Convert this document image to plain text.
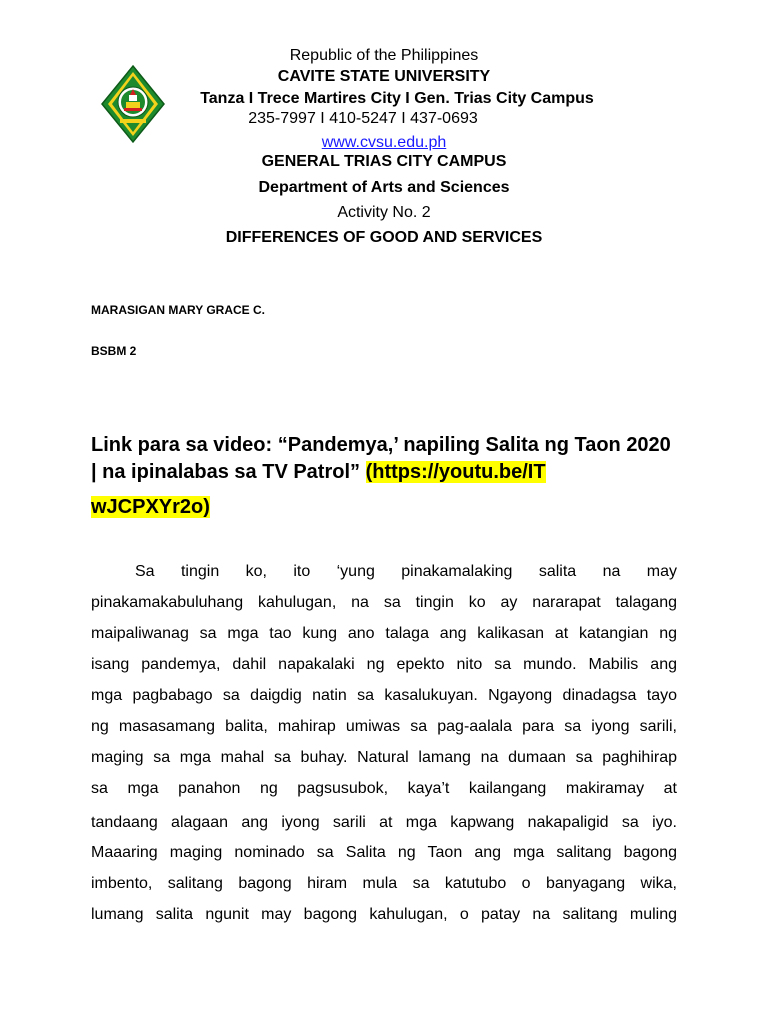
Republic of the Philippines
CAVITE STATE UNIVERSITY
Tanza I Trece Martires City I Gen. Trias City Campus
235-7997 I 410-5247 I 437-0693
www.cvsu.edu.ph
GENERAL TRIAS CITY CAMPUS
Department of Arts and Sciences
Activity No. 2
DIFFERENCES OF GOOD AND SERVICES
MARASIGAN MARY GRACE C.
BSBM 2
Link para sa video: “Pandemya,’ napiling Salita ng Taon 2020
| na ipinalabas sa TV Patrol” (https://youtu.be/IT
wJCPXYr2o)
Sa tingin ko, ito ‘yung pinakamalaking salita na may
pinakamakabuluhang kahulugan, na sa tingin ko ay nararapat talagang
maipaliwanag sa mga tao kung ano talaga ang kalikasan at katangian ng
isang pandemya, dahil napakalaki ng epekto nito sa mundo. Mabilis ang
mga pagbabago sa daigdig natin sa kasalukuyan. Ngayong dinadagsa tayo
ng masasamang balita, mahirap umiwas sa pag-aalala para sa iyong sarili,
maging sa mga mahal sa buhay. Natural lamang na dumaan sa paghihirap
sa mga panahon ng pagsusubok, kaya’t kailangang makiramay at
tandaang alagaan ang iyong sarili at mga kapwang nakapaligid sa iyo.
Maaaring maging nominado sa Salita ng Taon ang mga salitang bagong
imbento, salitang bagong hiram mula sa katutubo o banyagang wika,
lumang salita ngunit may bagong kahulugan, o patay na salitang muling
